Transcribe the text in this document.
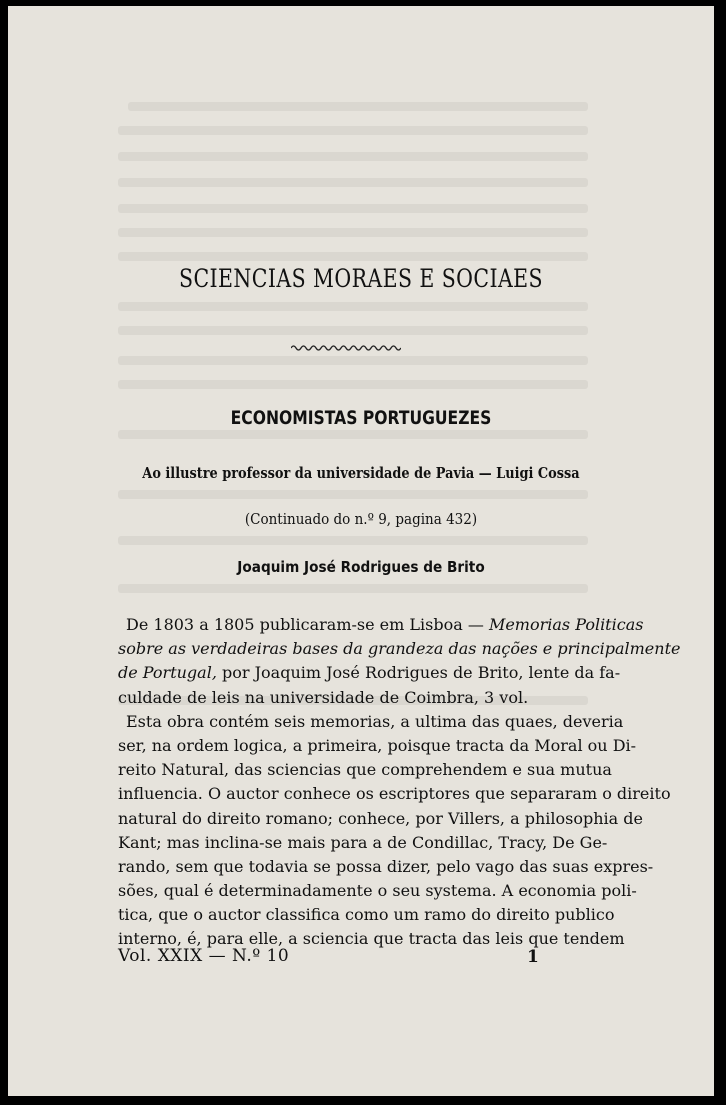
SCIENCIAS MORAES E SOCIAES
ECONOMISTAS PORTUGUEZES
Ao illustre professor da universidade de Pavia — Luigi Cossa
(Continuado do n.º 9, pagina 432)
Joaquim José Rodrigues de Brito
De 1803 a 1805 publicaram-se em Lisboa — Memorias Politicas
sobre as verdadeiras bases da grandeza das nações e principalmente
de Portugal, por Joaquim José Rodrigues de Brito, lente da fa-
culdade de leis na universidade de Coimbra, 3 vol.
Esta obra contém seis memorias, a ultima das quaes, deveria
ser, na ordem logica, a primeira, poisque tracta da Moral ou Di-
reito Natural, das sciencias que comprehendem e sua mutua
influencia. O auctor conhece os escriptores que separaram o direito
natural do direito romano; conhece, por Villers, a philosophia de
Kant; mas inclina-se mais para a de Condillac, Tracy, De Ge-
rando, sem que todavia se possa dizer, pelo vago das suas expres-
sões, qual é determinadamente o seu systema. A economia poli-
tica, que o auctor classifica como um ramo do direito publico
interno, é, para elle, a sciencia que tracta das leis que tendem
Vol. XXIX — N.º 10	1
